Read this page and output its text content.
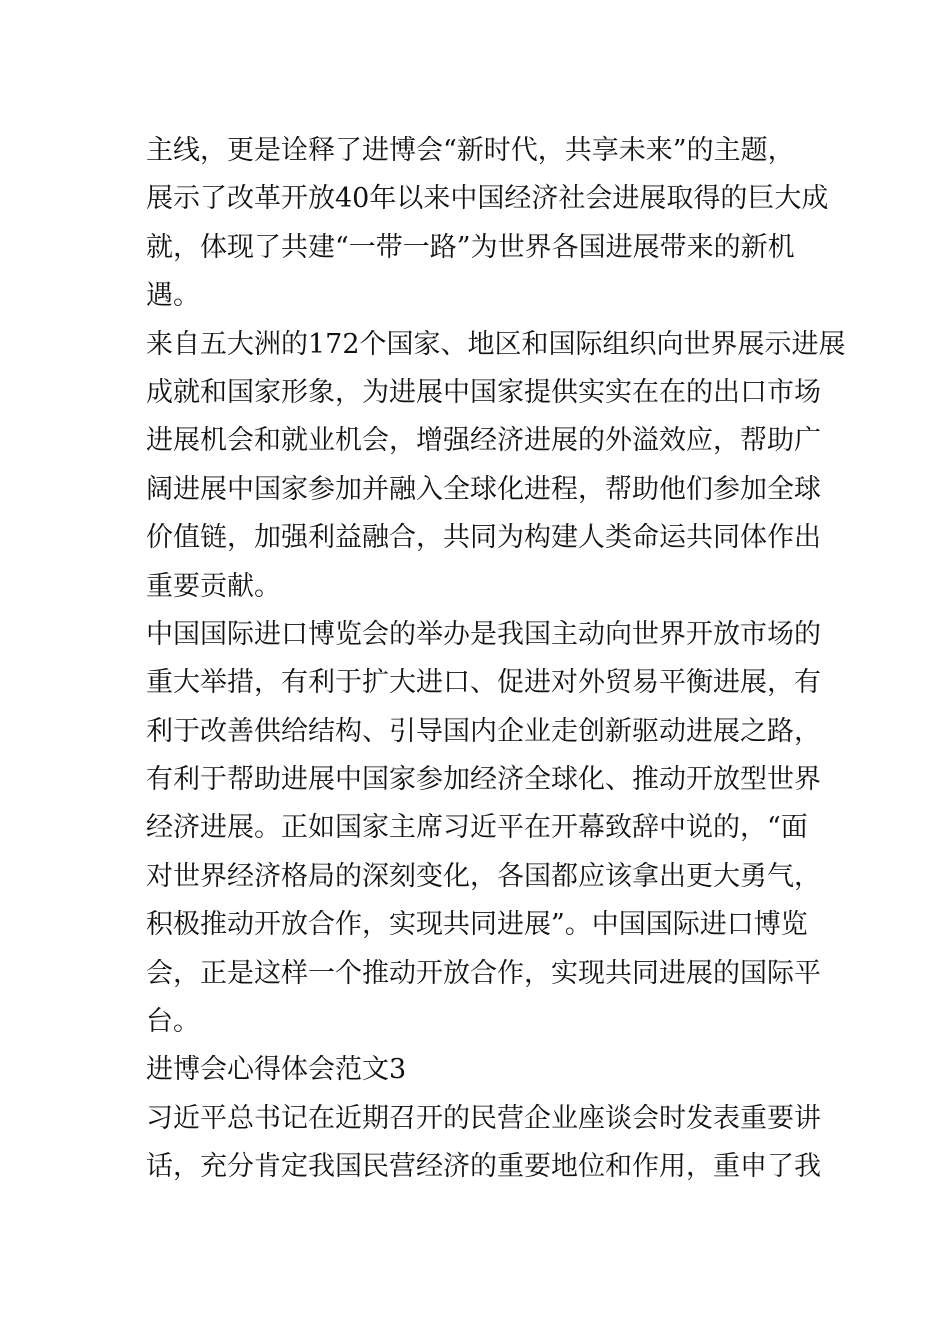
主线，更是诠释了进博会“新时代，共享未来”的主题，
展示了改革开放40年以来中国经济社会进展取得的巨大成
就，体现了共建“一带一路”为世界各国进展带来的新机
遇。
来自五大洲的172个国家、地区和国际组织向世界展示进展
成就和国家形象，为进展中国家提供实实在在的出口市场
进展机会和就业机会，增强经济进展的外溢效应，帮助广
阔进展中国家参加并融入全球化进程，帮助他们参加全球
价值链，加强利益融合，共同为构建人类命运共同体作出
重要贡献。
中国国际进口博览会的举办是我国主动向世界开放市场的
重大举措，有利于扩大进口、促进对外贸易平衡进展，有
利于改善供给结构、引导国内企业走创新驱动进展之路，
有利于帮助进展中国家参加经济全球化、推动开放型世界
经济进展。正如国家主席习近平在开幕致辞中说的，“面
对世界经济格局的深刻变化，各国都应该拿出更大勇气，
积极推动开放合作，实现共同进展”。中国国际进口博览
会，正是这样一个推动开放合作，实现共同进展的国际平
台。
进博会心得体会范文3
习近平总书记在近期召开的民营企业座谈会时发表重要讲
话，充分肯定我国民营经济的重要地位和作用，重申了我
